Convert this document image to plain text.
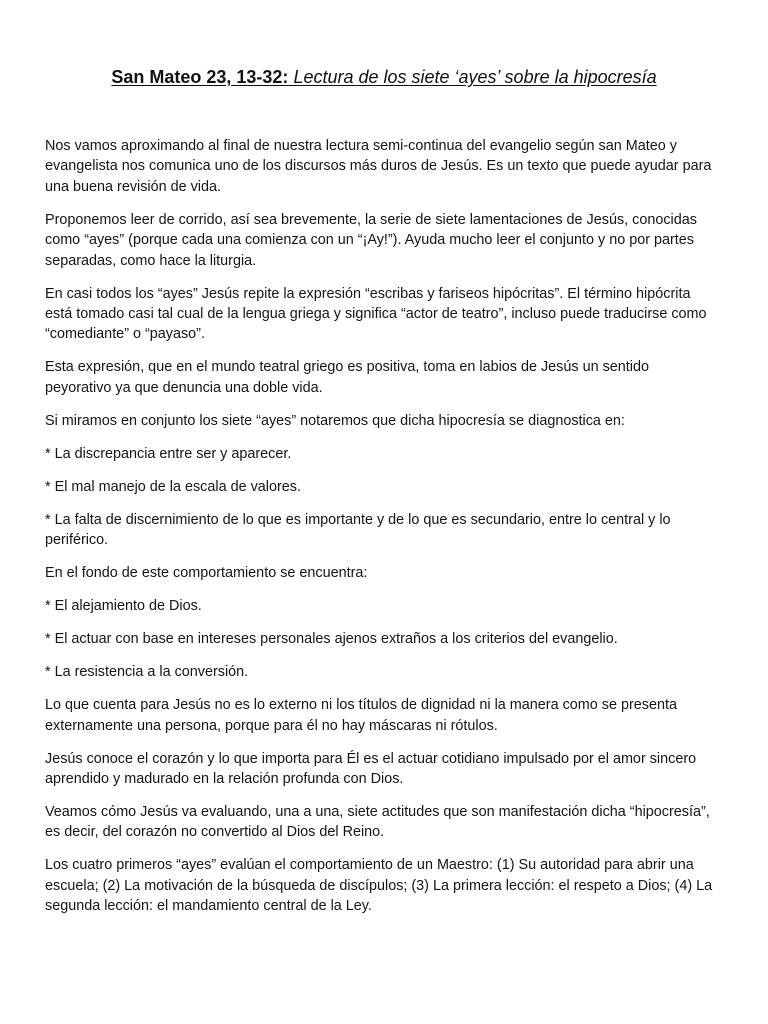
San Mateo 23, 13-32: Lectura de los siete ‘ayes’ sobre la hipocresía

Nos vamos aproximando al final de nuestra lectura semi-continua del evangelio según san Mateo y evangelista nos comunica uno de los discursos más duros de Jesús. Es un texto que puede ayudar para una buena revisión de vida.

Proponemos leer de corrido, así sea brevemente, la serie de siete lamentaciones de Jesús, conocidas como “ayes” (porque cada una comienza con un “¡Ay!”). Ayuda mucho leer el conjunto y no por partes separadas, como hace la liturgia.

En casi todos los “ayes” Jesús repite la expresión “escribas y fariseos hipócritas”. El término hipócrita está tomado casi tal cual de la lengua griega y significa “actor de teatro”, incluso puede traducirse como “comediante” o “payaso”.

Esta expresión, que en el mundo teatral griego es positiva, toma en labios de Jesús un sentido peyorativo ya que denuncia una doble vida.

Si miramos en conjunto los siete “ayes” notaremos que dicha hipocresía se diagnostica en:

* La discrepancia entre ser y aparecer.

* El mal manejo de la escala de valores.

* La falta de discernimiento de lo que es importante y de lo que es secundario, entre lo central y lo periférico.

En el fondo de este comportamiento se encuentra:

* El alejamiento de Dios.

* El actuar con base en intereses personales ajenos extraños a los criterios del evangelio.

* La resistencia a la conversión.

Lo que cuenta para Jesús no es lo externo ni los títulos de dignidad ni la manera como se presenta externamente una persona, porque para él no hay máscaras ni rótulos.

Jesús conoce el corazón y lo que importa para Él es el actuar cotidiano impulsado por el amor sincero aprendido y madurado en la relación profunda con Dios.

Veamos cómo Jesús va evaluando, una a una, siete actitudes que son manifestación dicha “hipocresía”, es decir, del corazón no convertido al Dios del Reino.

Los cuatro primeros “ayes” evalúan el comportamiento de un Maestro: (1) Su autoridad para abrir una escuela; (2) La motivación de la búsqueda de discípulos; (3) La primera lección: el respeto a Dios; (4) La segunda lección: el mandamiento central de la Ley.
